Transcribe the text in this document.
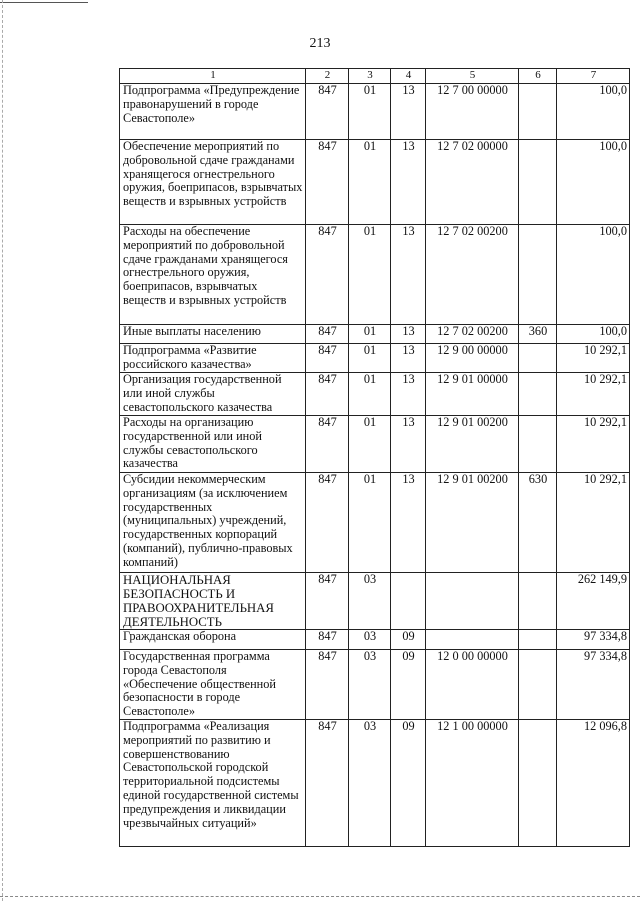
213
1	2	3	4	5	6	7
Подпрограмма «Предупреждение правонарушений в городе Севастополе»	847	01	13	12 7 00 00000		100,0
Обеспечение мероприятий по добровольной сдаче гражданами хранящегося огнестрельного оружия, боеприпасов, взрывчатых веществ и взрывных устройств	847	01	13	12 7 02 00000		100,0
Расходы на обеспечение мероприятий по добровольной сдаче гражданами хранящегося огнестрельного оружия, боеприпасов, взрывчатых веществ и взрывных устройств	847	01	13	12 7 02 00200		100,0
Иные выплаты населению	847	01	13	12 7 02 00200	360	100,0
Подпрограмма «Развитие российского казачества»	847	01	13	12 9 00 00000		10 292,1
Организация государственной или иной службы севастопольского казачества	847	01	13	12 9 01 00000		10 292,1
Расходы на организацию государственной или иной службы севастопольского казачества	847	01	13	12 9 01 00200		10 292,1
Субсидии некоммерческим организациям (за исключением государственных (муниципальных) учреждений, государственных корпораций (компаний), публично-правовых компаний)	847	01	13	12 9 01 00200	630	10 292,1
НАЦИОНАЛЬНАЯ БЕЗОПАСНОСТЬ И ПРАВООХРАНИТЕЛЬНАЯ ДЕЯТЕЛЬНОСТЬ	847	03				262 149,9
Гражданская оборона	847	03	09			97 334,8
Государственная программа города Севастополя «Обеспечение общественной безопасности в городе Севастополе»	847	03	09	12 0 00 00000		97 334,8
Подпрограмма «Реализация мероприятий по развитию и совершенствованию Севастопольской городской территориальной подсистемы единой государственной системы предупреждения и ликвидации чрезвычайных ситуаций»	847	03	09	12 1 00 00000		12 096,8
